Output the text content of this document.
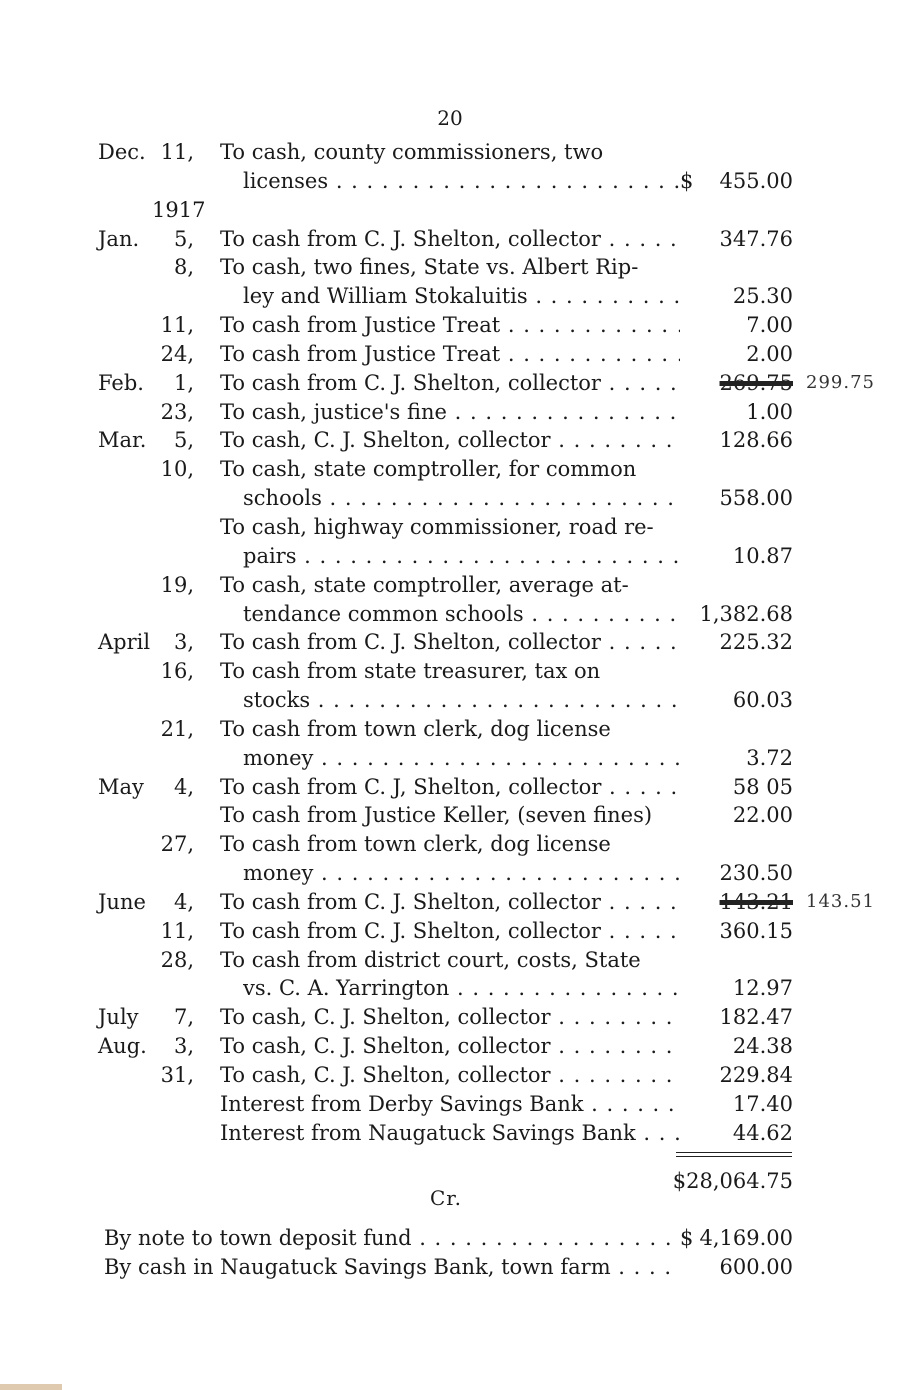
20
Dec. 11, To cash, county commissioners, two
licenses . . .	$ 455.00
1917
Jan. 5, To cash from C. J. Shelton, collector . . .	347.76
8, To cash, two fines, State vs. Albert Rip-
ley and William Stokaluitis . . .	25.30
11, To cash from Justice Treat . . .	7.00
24, To cash from Justice Treat . . .	2.00
Feb. 1, To cash from C. J. Shelton, collector . . .	269.75 299.75
23, To cash, justice's fine . . .	1.00
Mar. 5, To cash, C. J. Shelton, collector . . .	128.66
10, To cash, state comptroller, for common
schools . . .	558.00
To cash, highway commissioner, road re-
pairs . . .	10.87
19, To cash, state comptroller, average at-
tendance common schools . . .	1,382.68
April 3, To cash from C. J. Shelton, collector . . .	225.32
16, To cash from state treasurer, tax on
stocks . . .	60.03
21, To cash from town clerk, dog license
money . . .	3.72
May 4, To cash from C. J, Shelton, collector . . .	58 05
To cash from Justice Keller, (seven fines)	22.00
27, To cash from town clerk, dog license
money . . .	230.50
June 4, To cash from C. J. Shelton, collector . . .	143.21 143.51
11, To cash from C. J. Shelton, collector . . .	360.15
28, To cash from district court, costs, State
vs. C. A. Yarrington . . .	12.97
July 7, To cash, C. J. Shelton, collector . . .	182.47
Aug. 3, To cash, C. J. Shelton, collector . . .	24.38
31, To cash, C. J. Shelton, collector . . .	229.84
Interest from Derby Savings Bank . . .	17.40
Interest from Naugatuck Savings Bank . . .	44.62
$28,064.75
Cr.
By note to town deposit fund . . .	$ 4,169.00
By cash in Naugatuck Savings Bank, town farm . . .	600.00
